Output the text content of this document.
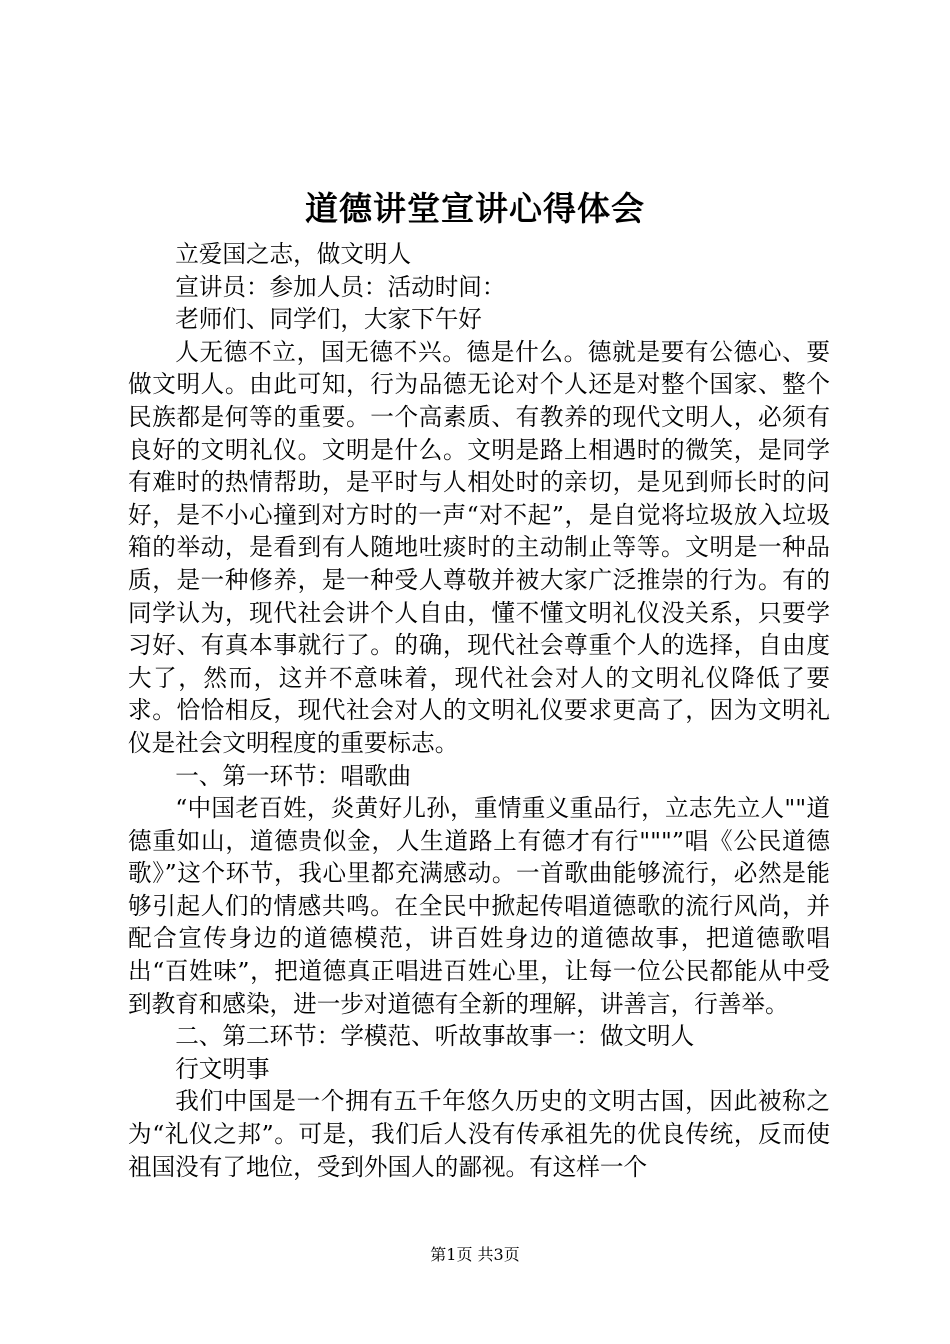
道德讲堂宣讲心得体会

立爱国之志，做文明人

宣讲员：参加人员：活动时间：

老师们、同学们，大家下午好

人无德不立，国无德不兴。德是什么。德就是要有公德心、要做文明人。由此可知，行为品德无论对个人还是对整个国家、整个民族都是何等的重要。一个高素质、有教养的现代文明人，必须有良好的文明礼仪。文明是什么。文明是路上相遇时的微笑，是同学有难时的热情帮助，是平时与人相处时的亲切，是见到师长时的问好，是不小心撞到对方时的一声“对不起”，是自觉将垃圾放入垃圾箱的举动，是看到有人随地吐痰时的主动制止等等。文明是一种品质，是一种修养，是一种受人尊敬并被大家广泛推崇的行为。有的同学认为，现代社会讲个人自由，懂不懂文明礼仪没关系，只要学习好、有真本事就行了。的确，现代社会尊重个人的选择，自由度大了，然而，这并不意味着，现代社会对人的文明礼仪降低了要求。恰恰相反，现代社会对人的文明礼仪要求更高了，因为文明礼仪是社会文明程度的重要标志。

一、第一环节：唱歌曲

“中国老百姓，炎黄好儿孙，重情重义重品行，立志先立人""道德重如山，道德贵似金，人生道路上有德才有行"""”唱《公民道德歌》”这个环节，我心里都充满感动。一首歌曲能够流行，必然是能够引起人们的情感共鸣。在全民中掀起传唱道德歌的流行风尚，并配合宣传身边的道德模范，讲百姓身边的道德故事，把道德歌唱出“百姓味”，把道德真正唱进百姓心里，让每一位公民都能从中受到教育和感染，进一步对道德有全新的理解，讲善言，行善举。

二、第二环节：学模范、听故事故事一：做文明人

行文明事

我们中国是一个拥有五千年悠久历史的文明古国，因此被称之为“礼仪之邦”。可是，我们后人没有传承祖先的优良传统，反而使祖国没有了地位，受到外国人的鄙视。有这样一个

第1页 共3页
